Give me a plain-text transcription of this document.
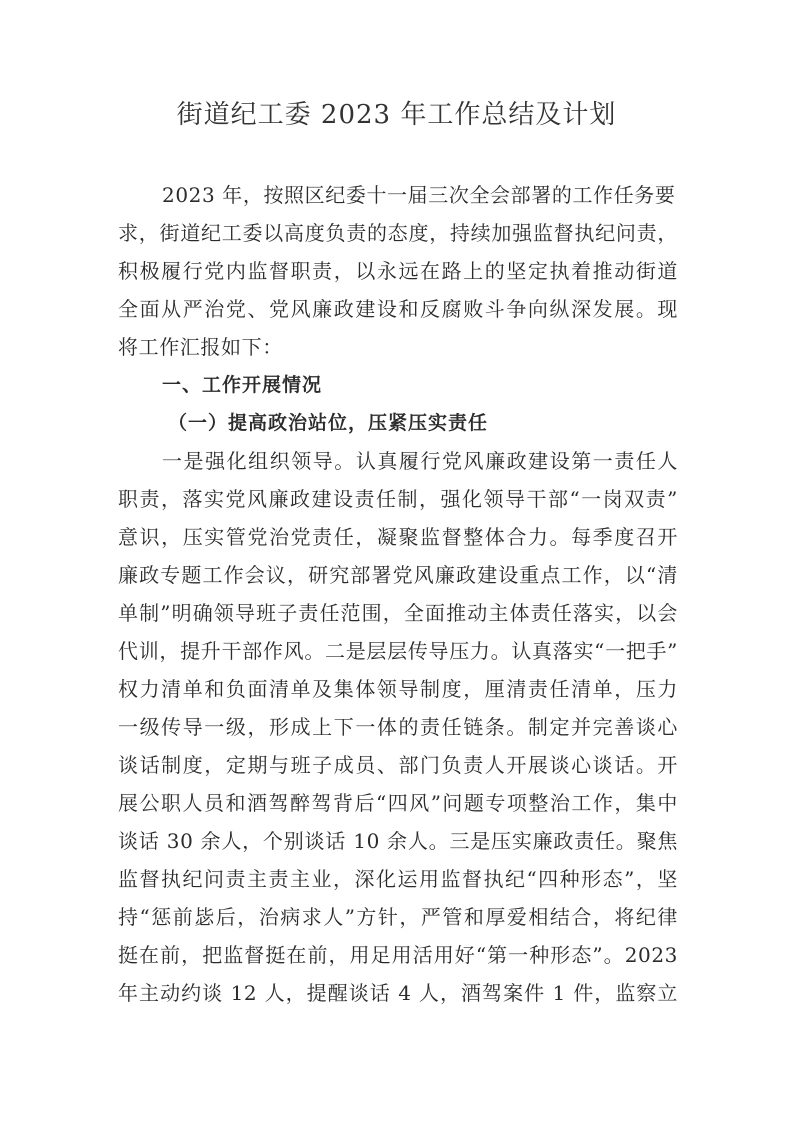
街道纪工委 2023 年工作总结及计划
2023 年，按照区纪委十一届三次全会部署的工作任务要
求，街道纪工委以高度负责的态度，持续加强监督执纪问责，
积极履行党内监督职责，以永远在路上的坚定执着推动街道
全面从严治党、党风廉政建设和反腐败斗争向纵深发展。现
将工作汇报如下：
一、工作开展情况
（一）提高政治站位，压紧压实责任
一是强化组织领导。认真履行党风廉政建设第一责任人
职责，落实党风廉政建设责任制，强化领导干部“一岗双责”
意识，压实管党治党责任，凝聚监督整体合力。每季度召开
廉政专题工作会议，研究部署党风廉政建设重点工作，以“清
单制”明确领导班子责任范围，全面推动主体责任落实，以会
代训，提升干部作风。二是层层传导压力。认真落实“一把手”
权力清单和负面清单及集体领导制度，厘清责任清单，压力
一级传导一级，形成上下一体的责任链条。制定并完善谈心
谈话制度，定期与班子成员、部门负责人开展谈心谈话。开
展公职人员和酒驾醉驾背后“四风”问题专项整治工作，集中
谈话 30 余人，个别谈话 10 余人。三是压实廉政责任。聚焦
监督执纪问责主责主业，深化运用监督执纪“四种形态”，坚
持“惩前毖后，治病求人”方针，严管和厚爱相结合，将纪律
挺在前，把监督挺在前，用足用活用好“第一种形态”。2023
年主动约谈 12 人，提醒谈话 4 人，酒驾案件 1 件，监察立
